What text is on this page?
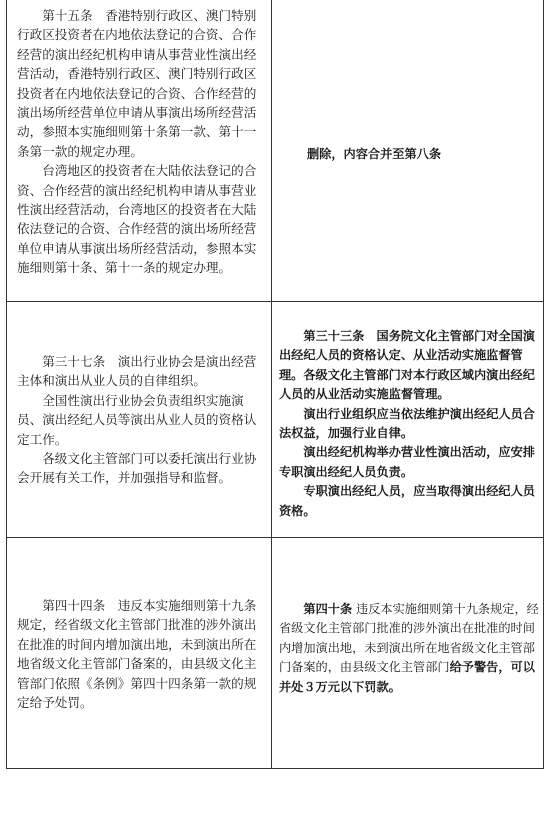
第十五条　香港特别行政区、澳门特别行政区投资者在内地依法登记的合资、合作经营的演出经纪机构申请从事营业性演出经营活动，香港特别行政区、澳门特别行政区投资者在内地依法登记的合资、合作经营的演出场所经营单位申请从事演出场所经营活动，参照本实施细则第十条第一款、第十一条第一款的规定办理。

台湾地区的投资者在大陆依法登记的合资、合作经营的演出经纪机构申请从事营业性演出经营活动，台湾地区的投资者在大陆依法登记的合资、合作经营的演出场所经营单位申请从事演出场所经营活动，参照本实施细则第十条、第十一条的规定办理。

删除，内容合并至第八条

第三十七条　演出行业协会是演出经营主体和演出从业人员的自律组织。

全国性演出行业协会负责组织实施演员、演出经纪人员等演出从业人员的资格认定工作。

各级文化主管部门可以委托演出行业协会开展有关工作，并加强指导和监督。

第三十三条　国务院文化主管部门对全国演出经纪人员的资格认定、从业活动实施监督管理。各级文化主管部门对本行政区域内演出经纪人员的从业活动实施监督管理。

演出行业组织应当依法维护演出经纪人员合法权益，加强行业自律。

演出经纪机构举办营业性演出活动，应安排专职演出经纪人员负责。

专职演出经纪人员，应当取得演出经纪人员资格。

第四十四条　违反本实施细则第十九条规定，经省级文化主管部门批准的涉外演出在批准的时间内增加演出地，未到演出所在地省级文化主管部门备案的，由县级文化主管部门依照《条例》第四十四条第一款的规定给予处罚。

第四十条 违反本实施细则第十九条规定，经省级文化主管部门批准的涉外演出在批准的时间内增加演出地，未到演出所在地省级文化主管部门备案的，由县级文化主管部门给予警告，可以并处３万元以下罚款。
